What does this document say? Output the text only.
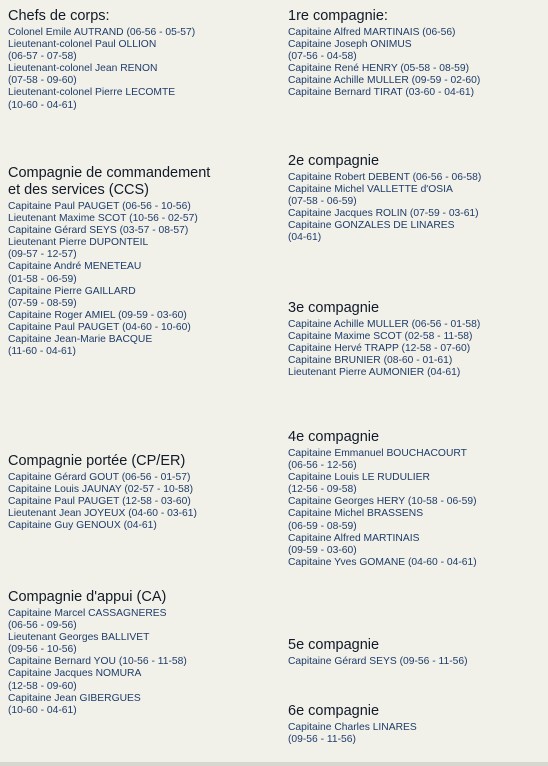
Chefs de corps:
Colonel Emile AUTRAND (06-56 - 05-57)
Lieutenant-colonel Paul OLLION
(06-57 - 07-58)
Lieutenant-colonel Jean RENON
(07-58 - 09-60)
Lieutenant-colonel Pierre LECOMTE
(10-60 - 04-61)
Compagnie de commandement
et des services (CCS)
Capitaine Paul PAUGET (06-56 - 10-56)
Lieutenant Maxime SCOT (10-56 - 02-57)
Capitaine Gérard SEYS (03-57 - 08-57)
Lieutenant Pierre DUPONTEIL
(09-57 - 12-57)
Capitaine André MENETEAU
(01-58 - 06-59)
Capitaine Pierre GAILLARD
(07-59 - 08-59)
Capitaine Roger AMIEL (09-59 - 03-60)
Capitaine Paul PAUGET (04-60 - 10-60)
Capitaine Jean-Marie BACQUE
(11-60 - 04-61)
Compagnie portée (CP/ER)
Capitaine Gérard GOUT (06-56 - 01-57)
Capitaine Louis JAUNAY (02-57 - 10-58)
Capitaine Paul PAUGET (12-58 - 03-60)
Lieutenant Jean JOYEUX (04-60 - 03-61)
Capitaine Guy GENOUX (04-61)
Compagnie d'appui (CA)
Capitaine Marcel CASSAGNERES
(06-56 - 09-56)
Lieutenant Georges BALLIVET
(09-56 - 10-56)
Capitaine Bernard YOU (10-56 - 11-58)
Capitaine Jacques NOMURA
(12-58 - 09-60)
Capitaine Jean GIBERGUES
(10-60 - 04-61)
1re compagnie:
Capitaine Alfred MARTINAIS (06-56)
Capitaine Joseph ONIMUS
(07-56 - 04-58)
Capitaine René HENRY (05-58 - 08-59)
Capitaine Achille MULLER (09-59 - 02-60)
Capitaine Bernard TIRAT (03-60 - 04-61)
2e compagnie
Capitaine Robert DEBENT (06-56 - 06-58)
Capitaine Michel VALLETTE d'OSIA
(07-58 - 06-59)
Capitaine Jacques ROLIN (07-59 - 03-61)
Capitaine GONZALES DE LINARES
(04-61)
3e compagnie
Capitaine Achille MULLER (06-56 - 01-58)
Capitaine Maxime SCOT (02-58 - 11-58)
Capitaine Hervé TRAPP (12-58 - 07-60)
Capitaine BRUNIER (08-60 - 01-61)
Lieutenant Pierre AUMONIER (04-61)
4e compagnie
Capitaine Emmanuel BOUCHACOURT
(06-56 - 12-56)
Capitaine Louis LE RUDULIER
(12-56 - 09-58)
Capitaine Georges HERY (10-58 - 06-59)
Capitaine Michel BRASSENS
(06-59 - 08-59)
Capitaine Alfred MARTINAIS
(09-59 - 03-60)
Capitaine Yves GOMANE (04-60 - 04-61)
5e compagnie
Capitaine Gérard SEYS (09-56 - 11-56)
6e compagnie
Capitaine Charles LINARES
(09-56 - 11-56)
